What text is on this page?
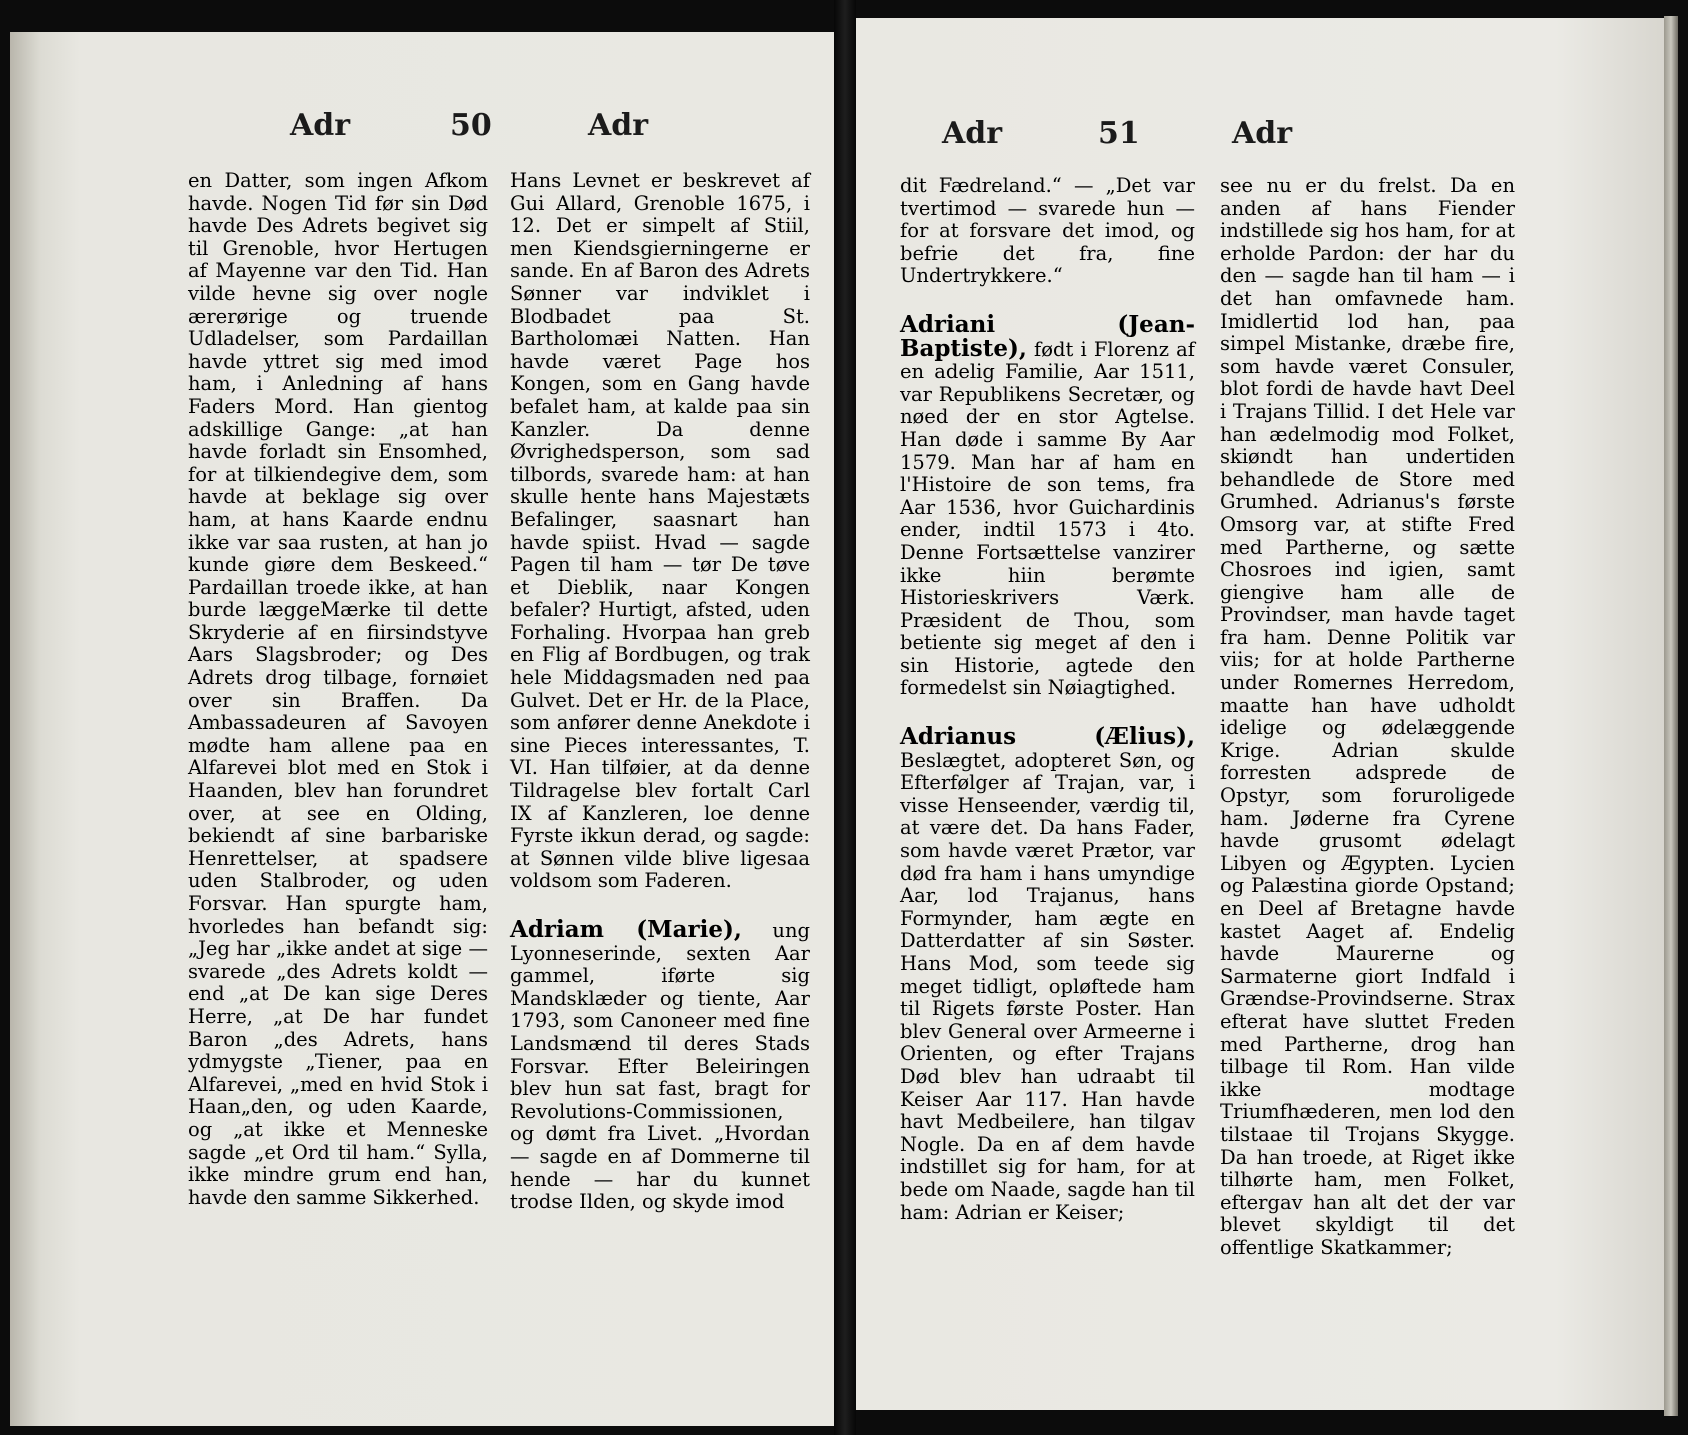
Adr	50	Adr

en Datter, som ingen Afkom havde. Nogen Tid før sin Død havde Des Adrets begivet sig til Grenoble, hvor Hertugen af Mayenne var den Tid. Han vilde hevne sig over nogle ærerørige og truende Udladelser, som Pardaillan havde yttret sig med imod ham, i Anledning af hans Faders Mord. Han gientog adskillige Gange: „at han havde forladt sin Ensomhed, for at tilkiendegive dem, som havde at beklage sig over ham, at hans Kaarde endnu ikke var saa rusten, at han jo kunde giøre dem Beskeed.“ Pardaillan troede ikke, at han burde læggeMærke til dette Skryderie af en fiirsindstyve Aars Slagsbroder; og Des Adrets drog tilbage, fornøiet over sin Braffen. Da Ambassadeuren af Savoyen mødte ham allene paa en Alfarevei blot med en Stok i Haanden, blev han forundret over, at see en Olding, bekiendt af sine barbariske Henrettelser, at spadsere uden Stalbroder, og uden Forsvar. Han spurgte ham, hvorledes han befandt sig: „Jeg har „ikke andet at sige — svarede „des Adrets koldt — end „at De kan sige Deres Herre, „at De har fundet Baron „des Adrets, hans ydmygste „Tiener, paa en Alfarevei, „med en hvid Stok i Haan„den, og uden Kaarde, og „at ikke et Menneske sagde „et Ord til ham.“ Sylla, ikke mindre grum end han, havde den samme Sikkerhed.

Hans Levnet er beskrevet af Gui Allard, Grenoble 1675, i 12. Det er simpelt af Stiil, men Kiendsgierningerne er sande. En af Baron des Adrets Sønner var indviklet i Blodbadet paa St. Bartholomæi Natten. Han havde været Page hos Kongen, som en Gang havde befalet ham, at kalde paa sin Kanzler. Da denne Øvrighedsperson, som sad tilbords, svarede ham: at han skulle hente hans Majestæts Befalinger, saasnart han havde spiist. Hvad — sagde Pagen til ham — tør De tøve et Dieblik, naar Kongen befaler? Hurtigt, afsted, uden Forhaling. Hvorpaa han greb en Flig af Bordbugen, og trak hele Middagsmaden ned paa Gulvet. Det er Hr. de la Place, som anfører denne Anekdote i sine Pieces interessantes, T. VI. Han tilføier, at da denne Tildragelse blev fortalt Carl IX af Kanzleren, loe denne Fyrste ikkun derad, og sagde: at Sønnen vilde blive ligesaa voldsom som Faderen.

Adriam (Marie), ung Lyonneserinde, sexten Aar gammel, iførte sig Mandsklæder og tiente, Aar 1793, som Canoneer med fine Landsmænd til deres Stads Forsvar. Efter Beleiringen blev hun sat fast, bragt for Revolutions-Commissionen, og dømt fra Livet. „Hvordan — sagde en af Dommerne til hende — har du kunnet trodse Ilden, og skyde imod

Adr	51	Adr

dit Fædreland.“ — „Det var tvertimod — svarede hun — for at forsvare det imod, og befrie det fra, fine Undertrykkere.“

Adriani (Jean-Baptiste), født i Florenz af en adelig Familie, Aar 1511, var Republikens Secretær, og nøed der en stor Agtelse. Han døde i samme By Aar 1579. Man har af ham en l'Histoire de son tems, fra Aar 1536, hvor Guichardinis ender, indtil 1573 i 4to. Denne Fortsættelse vanzirer ikke hiin berømte Historieskrivers Værk. Præsident de Thou, som betiente sig meget af den i sin Historie, agtede den formedelst sin Nøiagtighed.

Adrianus (Ælius), Beslægtet, adopteret Søn, og Efterfølger af Trajan, var, i visse Henseender, værdig til, at være det. Da hans Fader, som havde været Prætor, var død fra ham i hans umyndige Aar, lod Trajanus, hans Formynder, ham ægte en Datterdatter af sin Søster. Hans Mod, som teede sig meget tidligt, opløftede ham til Rigets første Poster. Han blev General over Armeerne i Orienten, og efter Trajans Død blev han udraabt til Keiser Aar 117. Han havde havt Medbeilere, han tilgav Nogle. Da en af dem havde indstillet sig for ham, for at bede om Naade, sagde han til ham: Adrian er Keiser;

see nu er du frelst. Da en anden af hans Fiender indstillede sig hos ham, for at erholde Pardon: der har du den — sagde han til ham — i det han omfavnede ham. Imidlertid lod han, paa simpel Mistanke, dræbe fire, som havde været Consuler, blot fordi de havde havt Deel i Trajans Tillid. I det Hele var han ædelmodig mod Folket, skiøndt han undertiden behandlede de Store med Grumhed. Adrianus's første Omsorg var, at stifte Fred med Partherne, og sætte Chosroes ind igien, samt giengive ham alle de Provindser, man havde taget fra ham. Denne Politik var viis; for at holde Partherne under Romernes Herredom, maatte han have udholdt idelige og ødelæggende Krige. Adrian skulde forresten adsprede de Opstyr, som foruroligede ham. Jøderne fra Cyrene havde grusomt ødelagt Libyen og Ægypten. Lycien og Palæstina giorde Opstand; en Deel af Bretagne havde kastet Aaget af. Endelig havde Maurerne og Sarmaterne giort Indfald i Grændse-Provindserne. Strax efterat have sluttet Freden med Partherne, drog han tilbage til Rom. Han vilde ikke modtage Triumfhæderen, men lod den tilstaae til Trojans Skygge. Da han troede, at Riget ikke tilhørte ham, men Folket, eftergav han alt det der var blevet skyldigt til det offentlige Skatkammer;
